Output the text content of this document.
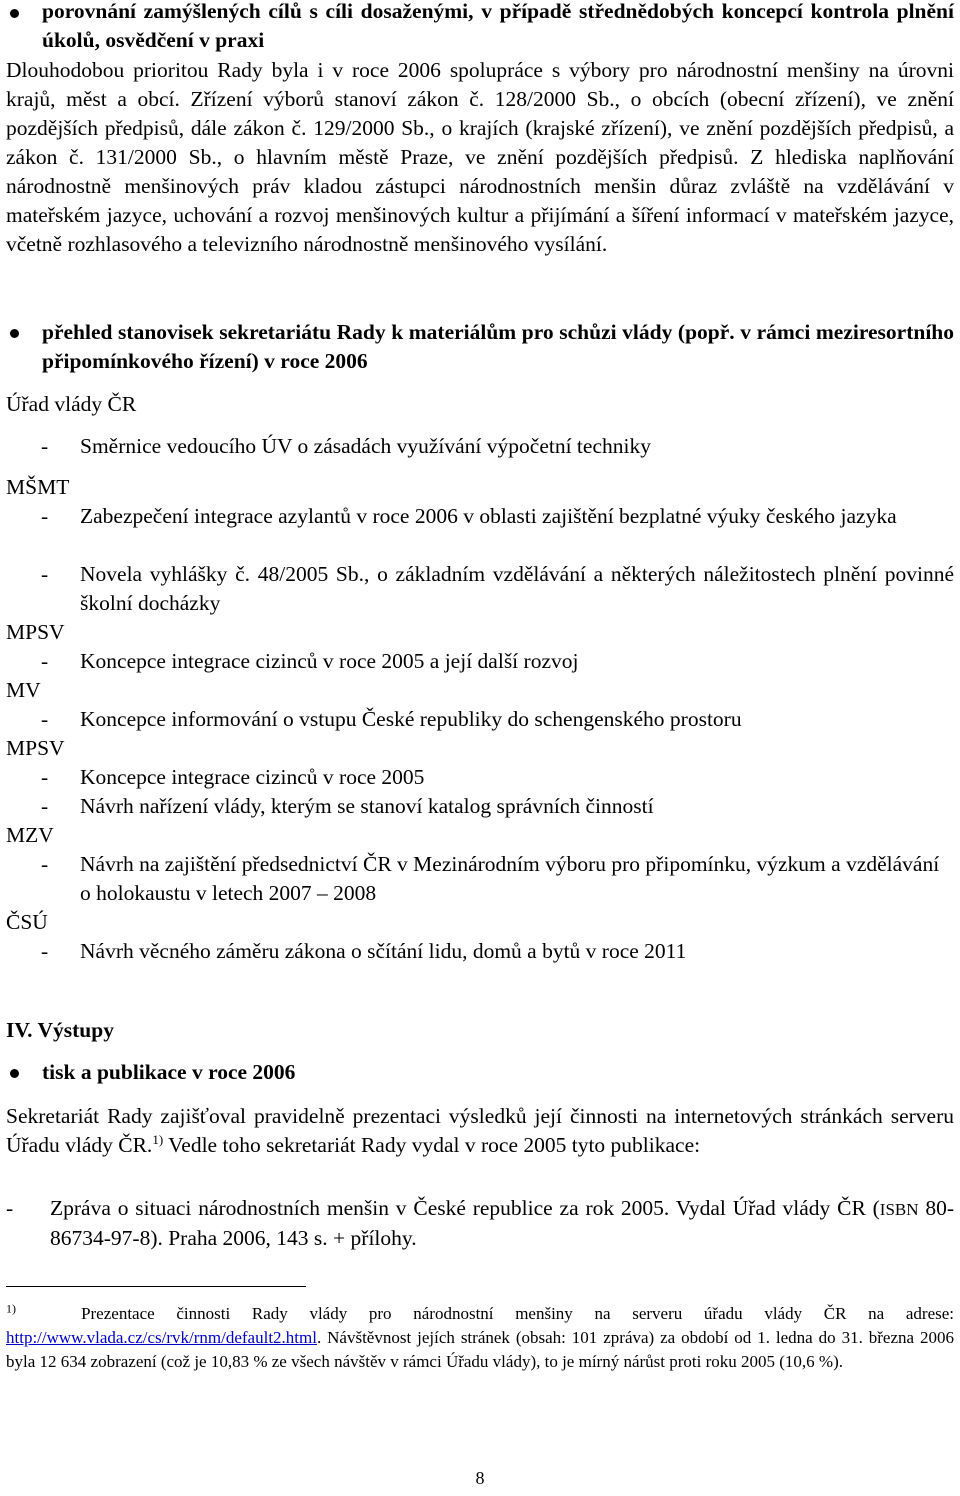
porovnání zamýšlených cílů s cíli dosaženými, v případě střednědobých koncepcí kontrola plnění úkolů, osvědčení v praxi
Dlouhodobou prioritou Rady byla i v roce 2006 spolupráce s výbory pro národnostní menšiny na úrovni krajů, měst a obcí. Zřízení výborů stanoví zákon č. 128/2000 Sb., o obcích (obecní zřízení), ve znění pozdějších předpisů, dále zákon č. 129/2000 Sb., o krajích (krajské zřízení), ve znění pozdějších předpisů, a zákon č. 131/2000 Sb., o hlavním městě Praze, ve znění pozdějších předpisů. Z hlediska naplňování národnostně menšinových práv kladou zástupci národnostních menšin důraz zvláště na vzdělávání v mateřském jazyce, uchování a rozvoj menšinových kultur a přijímání a šíření informací v mateřském jazyce, včetně rozhlasového a televizního národnostně menšinového vysílání.
přehled stanovisek sekretariátu Rady k materiálům pro schůzi vlády (popř. v rámci meziresortního připomínkového řízení) v roce 2006
Úřad vlády ČR
- Směrnice vedoucího ÚV o zásadách využívání výpočetní techniky
MŠMT
- Zabezpečení integrace azylantů v roce 2006 v oblasti zajištění bezplatné výuky českého jazyka
- Novela vyhlášky č. 48/2005 Sb., o základním vzdělávání a některých náležitostech plnění povinné školní docházky
MPSV
- Koncepce integrace cizinců v roce 2005 a její další rozvoj
MV
- Koncepce informování o vstupu České republiky do schengenského prostoru
MPSV
- Koncepce integrace cizinců v roce 2005
- Návrh nařízení vlády, kterým se stanoví katalog správních činností
MZV
- Návrh na zajištění předsednictví ČR v Mezinárodním výboru pro připomínku, výzkum a vzdělávání o holokaustu v letech 2007 – 2008
ČSÚ
- Návrh věcného záměru zákona o sčítání lidu, domů a bytů v roce 2011
IV. Výstupy
tisk a publikace v roce 2006
Sekretariát Rady zajišťoval pravidelně prezentaci výsledků její činnosti na internetových stránkách serveru Úřadu vlády ČR.$^{1)}$ Vedle toho sekretariát Rady vydal v roce 2005 tyto publikace:
- Zpráva o situaci národnostních menšin v České republice za rok 2005. Vydal Úřad vlády ČR (ISBN 80-86734-97-8). Praha 2006, 143 s. + přílohy.
$^{1)}$	Prezentace činnosti Rady vlády pro národnostní menšiny na serveru úřadu vlády ČR na adrese: http://www.vlada.cz/cs/rvk/rnm/default2.html. Návštěvnost jejích stránek (obsah: 101 zpráva) za období od 1. ledna do 31. března 2006 byla 12 634 zobrazení (což je 10,83 % ze všech návštěv v rámci Úřadu vlády), to je mírný nárůst proti roku 2005 (10,6 %).
8
